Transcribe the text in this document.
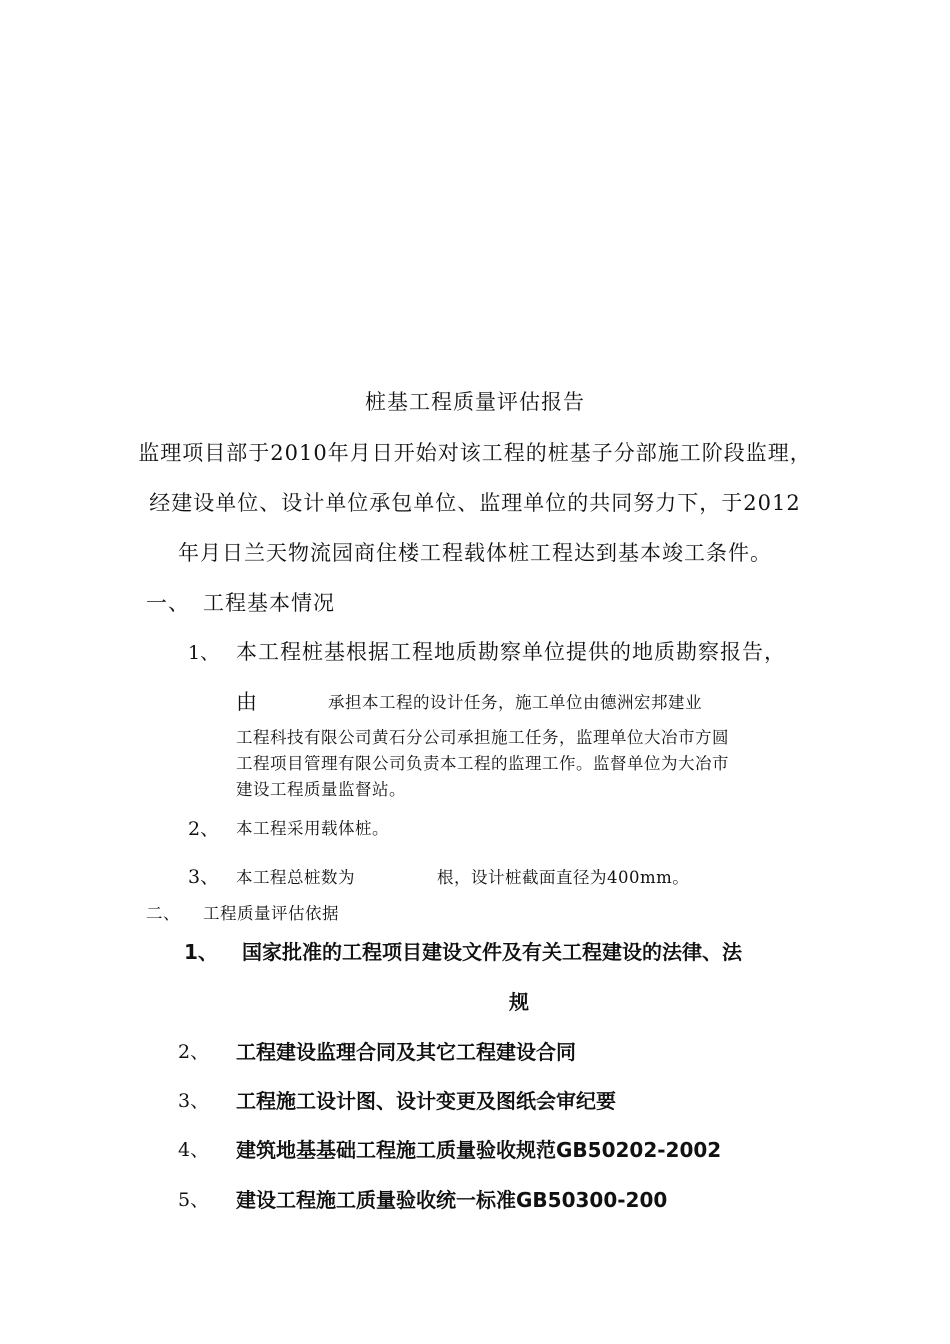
桩基工程质量评估报告
监理项目部于2010年月日开始对该工程的桩基子分部施工阶段监理，
经建设单位、设计单位承包单位、监理单位的共同努力下，于2012
年月日兰天物流园商住楼工程载体桩工程达到基本竣工条件。
一、 工程基本情况
1、 本工程桩基根据工程地质勘察单位提供的地质勘察报告，
由	承担本工程的设计任务，施工单位由德洲宏邦建业
工程科技有限公司黄石分公司承担施工任务，监理单位大冶市方圆
工程项目管理有限公司负责本工程的监理工作。监督单位为大冶市
建设工程质量监督站。
2、 本工程采用载体桩。
3、 本工程总桩数为	根，设计桩截面直径为400mm。
二、 工程质量评估依据
1、 国家批准的工程项目建设文件及有关工程建设的法律、法
规
2、 工程建设监理合同及其它工程建设合同
3、 工程施工设计图、设计变更及图纸会审纪要
4、 建筑地基基础工程施工质量验收规范GB50202-2002
5、 建设工程施工质量验收统一标准GB50300-200
